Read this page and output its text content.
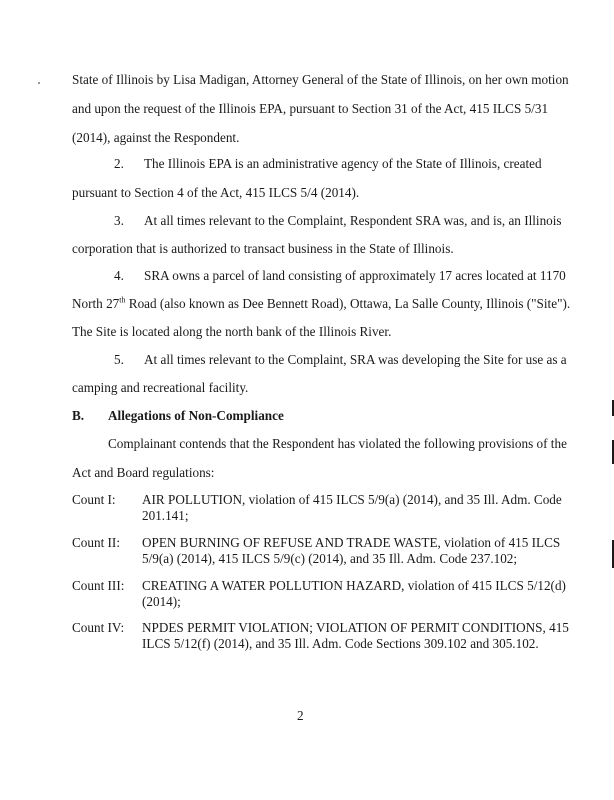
State of Illinois by Lisa Madigan, Attorney General of the State of Illinois, on her own motion
and upon the request of the Illinois EPA, pursuant to Section 31 of the Act, 415 ILCS 5/31
(2014), against the Respondent.
2. The Illinois EPA is an administrative agency of the State of Illinois, created
pursuant to Section 4 of the Act, 415 ILCS 5/4 (2014).
3. At all times relevant to the Complaint, Respondent SRA was, and is, an Illinois
corporation that is authorized to transact business in the State of Illinois.
4. SRA owns a parcel of land consisting of approximately 17 acres located at 1170
North 27th Road (also known as Dee Bennett Road), Ottawa, La Salle County, Illinois ("Site").
The Site is located along the north bank of the Illinois River.
5. At all times relevant to the Complaint, SRA was developing the Site for use as a
camping and recreational facility.
B. Allegations of Non-Compliance
Complainant contends that the Respondent has violated the following provisions of the
Act and Board regulations:
Count I: AIR POLLUTION, violation of 415 ILCS 5/9(a) (2014), and 35 Ill. Adm. Code
201.141;
Count II: OPEN BURNING OF REFUSE AND TRADE WASTE, violation of 415 ILCS
5/9(a) (2014), 415 ILCS 5/9(c) (2014), and 35 Ill. Adm. Code 237.102;
Count III: CREATING A WATER POLLUTION HAZARD, violation of 415 ILCS 5/12(d)
(2014);
Count IV: NPDES PERMIT VIOLATION; VIOLATION OF PERMIT CONDITIONS, 415
ILCS 5/12(f) (2014), and 35 Ill. Adm. Code Sections 309.102 and 305.102.
2
